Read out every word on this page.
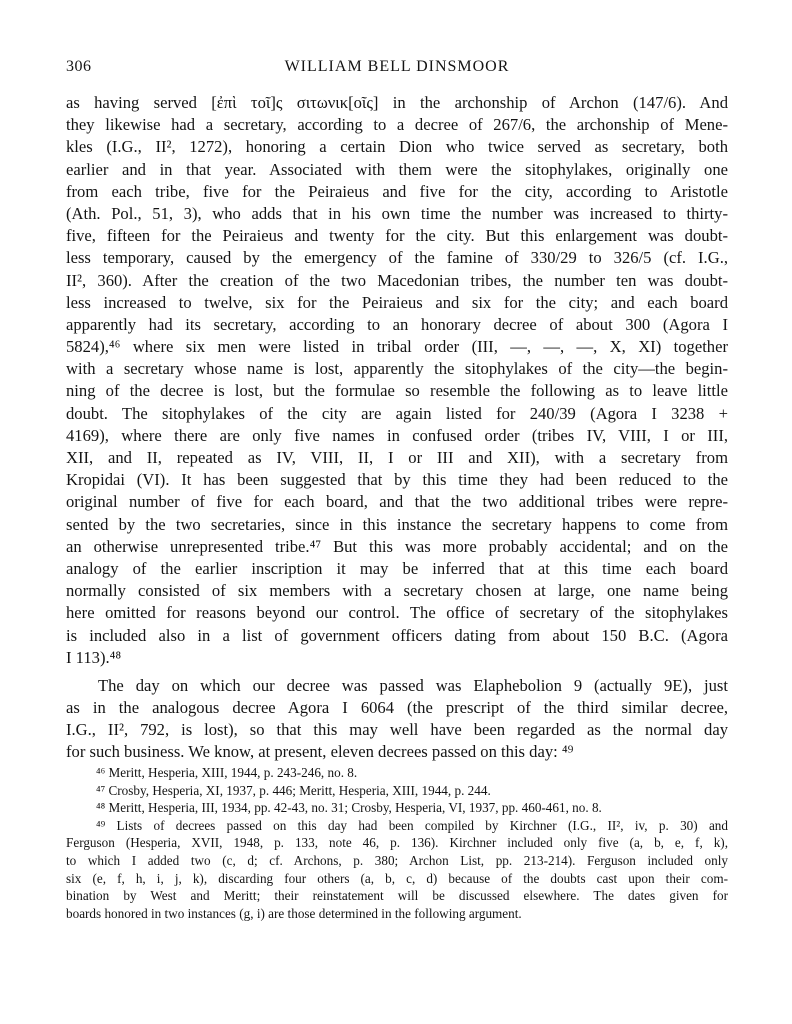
306	WILLIAM BELL DINSMOOR
as having served [ἐπὶ τοῖ]ς σιτωνικ[οῖς] in the archonship of Archon (147/6). And
they likewise had a secretary, according to a decree of 267/6, the archonship of Mene-
kles (I.G., II², 1272), honoring a certain Dion who twice served as secretary, both
earlier and in that year. Associated with them were the sitophylakes, originally one
from each tribe, five for the Peiraieus and five for the city, according to Aristotle
(Ath. Pol., 51, 3), who adds that in his own time the number was increased to thirty-
five, fifteen for the Peiraieus and twenty for the city. But this enlargement was doubt-
less temporary, caused by the emergency of the famine of 330/29 to 326/5 (cf. I.G.,
II², 360). After the creation of the two Macedonian tribes, the number ten was doubt-
less increased to twelve, six for the Peiraieus and six for the city; and each board
apparently had its secretary, according to an honorary decree of about 300 (Agora I
5824),⁴⁶ where six men were listed in tribal order (III, —, —, —, X, XI) together
with a secretary whose name is lost, apparently the sitophylakes of the city—the begin-
ning of the decree is lost, but the formulae so resemble the following as to leave little
doubt. The sitophylakes of the city are again listed for 240/39 (Agora I 3238 +
4169), where there are only five names in confused order (tribes IV, VIII, I or III,
XII, and II, repeated as IV, VIII, II, I or III and XII), with a secretary from
Kropidai (VI). It has been suggested that by this time they had been reduced to the
original number of five for each board, and that the two additional tribes were repre-
sented by the two secretaries, since in this instance the secretary happens to come from
an otherwise unrepresented tribe.⁴⁷ But this was more probably accidental; and on the
analogy of the earlier inscription it may be inferred that at this time each board
normally consisted of six members with a secretary chosen at large, one name being
here omitted for reasons beyond our control. The office of secretary of the sitophylakes
is included also in a list of government officers dating from about 150 B.C. (Agora
I 113).⁴⁸
The day on which our decree was passed was Elaphebolion 9 (actually 9E), just
as in the analogous decree Agora I 6064 (the prescript of the third similar decree,
I.G., II², 792, is lost), so that this may well have been regarded as the normal day
for such business. We know, at present, eleven decrees passed on this day: ⁴⁹
⁴⁶ Meritt, Hesperia, XIII, 1944, p. 243-246, no. 8.
⁴⁷ Crosby, Hesperia, XI, 1937, p. 446; Meritt, Hesperia, XIII, 1944, p. 244.
⁴⁸ Meritt, Hesperia, III, 1934, pp. 42-43, no. 31; Crosby, Hesperia, VI, 1937, pp. 460-461, no. 8.
⁴⁹ Lists of decrees passed on this day had been compiled by Kirchner (I.G., II², iv, p. 30) and
Ferguson (Hesperia, XVII, 1948, p. 133, note 46, p. 136). Kirchner included only five (a, b, e, f, k),
to which I added two (c, d; cf. Archons, p. 380; Archon List, pp. 213-214). Ferguson included only
six (e, f, h, i, j, k), discarding four others (a, b, c, d) because of the doubts cast upon their com-
bination by West and Meritt; their reinstatement will be discussed elsewhere. The dates given for
boards honored in two instances (g, i) are those determined in the following argument.
